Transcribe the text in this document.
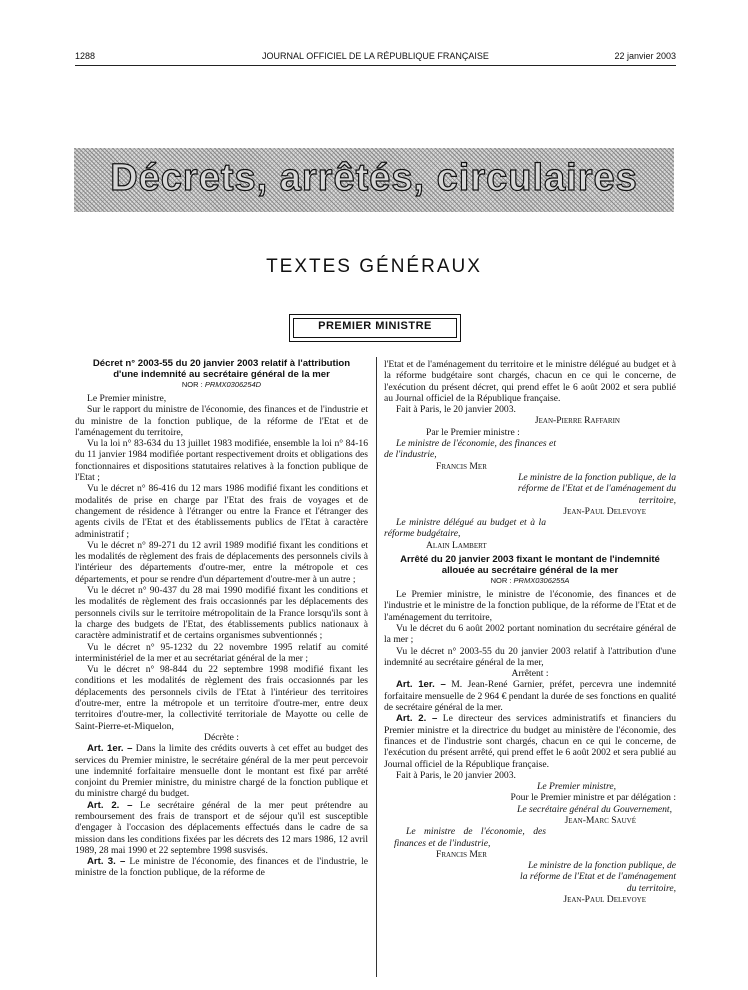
1288	JOURNAL OFFICIEL DE LA RÉPUBLIQUE FRANÇAISE	22 janvier 2003
Décrets, arrêtés, circulaires
TEXTES GÉNÉRAUX
PREMIER MINISTRE
Décret n° 2003-55 du 20 janvier 2003 relatif à l'attribution d'une indemnité au secrétaire général de la mer
NOR : PRMX0306254D

Le Premier ministre,

Sur le rapport du ministre de l'économie, des finances et de l'industrie et du ministre de la fonction publique, de la réforme de l'Etat et de l'aménagement du territoire,

Vu la loi n° 83-634 du 13 juillet 1983 modifiée, ensemble la loi n° 84-16 du 11 janvier 1984 modifiée portant respectivement droits et obligations des fonctionnaires et dispositions statutaires relatives à la fonction publique de l'Etat ;

Vu le décret n° 86-416 du 12 mars 1986 modifié fixant les conditions et modalités de prise en charge par l'Etat des frais de voyages et de changement de résidence à l'étranger ou entre la France et l'étranger des agents civils de l'Etat et des établissements publics de l'Etat à caractère administratif ;

Vu le décret n° 89-271 du 12 avril 1989 modifié fixant les conditions et les modalités de règlement des frais de déplacements des personnels civils à l'intérieur des départements d'outre-mer, entre la métropole et ces départements, et pour se rendre d'un département d'outre-mer à un autre ;

Vu le décret n° 90-437 du 28 mai 1990 modifié fixant les conditions et les modalités de règlement des frais occasionnés par les déplacements des personnels civils sur le territoire métropolitain de la France lorsqu'ils sont à la charge des budgets de l'Etat, des établissements publics nationaux à caractère administratif et de certains organismes subventionnés ;

Vu le décret n° 95-1232 du 22 novembre 1995 relatif au comité interministériel de la mer et au secrétariat général de la mer ;

Vu le décret n° 98-844 du 22 septembre 1998 modifié fixant les conditions et les modalités de règlement des frais occasionnés par les déplacements des personnels civils de l'Etat à l'intérieur des territoires d'outre-mer, entre la métropole et un territoire d'outre-mer, entre deux territoires d'outre-mer, la collectivité territoriale de Mayotte ou celle de Saint-Pierre-et-Miquelon,

Décrète :

Art. 1er. – Dans la limite des crédits ouverts à cet effet au budget des services du Premier ministre, le secrétaire général de la mer peut percevoir une indemnité forfaitaire mensuelle dont le montant est fixé par arrêté conjoint du Premier ministre, du ministre chargé de la fonction publique et du ministre chargé du budget.

Art. 2. – Le secrétaire général de la mer peut prétendre au remboursement des frais de transport et de séjour qu'il est susceptible d'engager à l'occasion des déplacements effectués dans le cadre de sa mission dans les conditions fixées par les décrets des 12 mars 1986, 12 avril 1989, 28 mai 1990 et 22 septembre 1998 susvisés.

Art. 3. – Le ministre de l'économie, des finances et de l'industrie, le ministre de la fonction publique, de la réforme de

l'Etat et de l'aménagement du territoire et le ministre délégué au budget et à la réforme budgétaire sont chargés, chacun en ce qui le concerne, de l'exécution du présent décret, qui prend effet le 6 août 2002 et sera publié au Journal officiel de la République française.

Fait à Paris, le 20 janvier 2003.

Jean-Pierre Raffarin

Par le Premier ministre :

Le ministre de l'économie, des finances et de l'industrie,

Francis Mer

Le ministre de la fonction publique, de la réforme de l'Etat et de l'aménagement du territoire,

Jean-Paul Delevoye

Le ministre délégué au budget et à la réforme budgétaire,

Alain Lambert

Arrêté du 20 janvier 2003 fixant le montant de l'indemnité allouée au secrétaire général de la mer
NOR : PRMX0306255A

Le Premier ministre, le ministre de l'économie, des finances et de l'industrie et le ministre de la fonction publique, de la réforme de l'Etat et de l'aménagement du territoire,

Vu le décret du 6 août 2002 portant nomination du secrétaire général de la mer ;

Vu le décret n° 2003-55 du 20 janvier 2003 relatif à l'attribution d'une indemnité au secrétaire général de la mer,

Arrêtent :

Art. 1er. – M. Jean-René Garnier, préfet, percevra une indemnité forfaitaire mensuelle de 2 964 € pendant la durée de ses fonctions en qualité de secrétaire général de la mer.

Art. 2. – Le directeur des services administratifs et financiers du Premier ministre et la directrice du budget au ministère de l'économie, des finances et de l'industrie sont chargés, chacun en ce qui le concerne, de l'exécution du présent arrêté, qui prend effet le 6 août 2002 et sera publié au Journal officiel de la République française.

Fait à Paris, le 20 janvier 2003.

Le Premier ministre,

Pour le Premier ministre et par délégation :

Le secrétaire général du Gouvernement,

Jean-Marc Sauvé

Le ministre de l'économie, des finances et de l'industrie,

Francis Mer

Le ministre de la fonction publique, de la réforme de l'Etat et de l'aménagement du territoire,

Jean-Paul Delevoye
